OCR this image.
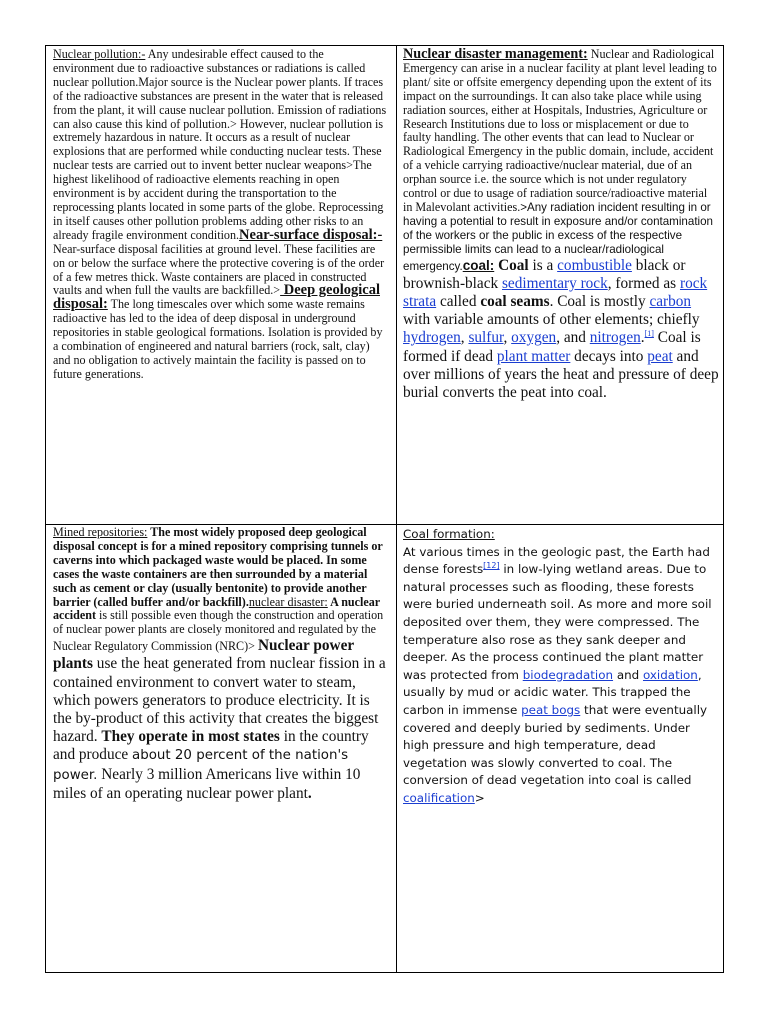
Nuclear pollution:- Any undesirable effect caused to the environment due to radioactive substances or radiations is called nuclear pollution.Major source is the Nuclear power plants. If traces of the radioactive substances are present in the water that is released from the plant, it will cause nuclear pollution. Emission of radiations can also cause this kind of pollution.> However, nuclear pollution is extremely hazardous in nature. It occurs as a result of nuclear explosions that are performed while conducting nuclear tests. These nuclear tests are carried out to invent better nuclear weapons>The highest likelihood of radioactive elements reaching in open environment is by accident during the transportation to the reprocessing plants located in some parts of the globe. Reprocessing in itself causes other pollution problems adding other risks to an already fragile environment condition.Near-surface disposal:-Near-surface disposal facilities at ground level. These facilities are on or below the surface where the protective covering is of the order of a few metres thick. Waste containers are placed in constructed vaults and when full the vaults are backfilled.> Deep geological disposal: The long timescales over which some waste remains radioactive has led to the idea of deep disposal in underground repositories in stable geological formations. Isolation is provided by a combination of engineered and natural barriers (rock, salt, clay) and no obligation to actively maintain the facility is passed on to future generations.

Nuclear disaster management: Nuclear and Radiological Emergency can arise in a nuclear facility at plant level leading to plant/ site or offsite emergency depending upon the extent of its impact on the surroundings. It can also take place while using radiation sources, either at Hospitals, Industries, Agriculture or Research Institutions due to loss or misplacement or due to faulty handling. The other events that can lead to Nuclear or Radiological Emergency in the public domain, include, accident of a vehicle carrying radioactive/nuclear material, due of an orphan source i.e. the source which is not under regulatory control or due to usage of radiation source/radioactive material in Malevolant activities.>Any radiation incident resulting in or having a potential to result in exposure and/or contamination of the workers or the public in excess of the respective permissible limits can lead to a nuclear/radiological emergency.coal: Coal is a combustible black or brownish-black sedimentary rock, formed as rock strata called coal seams. Coal is mostly carbon with variable amounts of other elements; chiefly hydrogen, sulfur, oxygen, and nitrogen.[1] Coal is formed if dead plant matter decays into peat and over millions of years the heat and pressure of deep burial converts the peat into coal.

Mined repositories: The most widely proposed deep geological disposal concept is for a mined repository comprising tunnels or caverns into which packaged waste would be placed. In some cases the waste containers are then surrounded by a material such as cement or clay (usually bentonite) to provide another barrier (called buffer and/or backfill).nuclear disaster: A nuclear accident is still possible even though the construction and operation of nuclear power plants are closely monitored and regulated by the Nuclear Regulatory Commission (NRC)> Nuclear power plants use the heat generated from nuclear fission in a contained environment to convert water to steam, which powers generators to produce electricity. It is the by-product of this activity that creates the biggest hazard. They operate in most states in the country and produce about 20 percent of the nation's power. Nearly 3 million Americans live within 10 miles of an operating nuclear power plant.

Coal formation:

At various times in the geologic past, the Earth had dense forests[12] in low-lying wetland areas. Due to natural processes such as flooding, these forests were buried underneath soil. As more and more soil deposited over them, they were compressed. The temperature also rose as they sank deeper and deeper. As the process continued the plant matter was protected from biodegradation and oxidation, usually by mud or acidic water. This trapped the carbon in immense peat bogs that were eventually covered and deeply buried by sediments. Under high pressure and high temperature, dead vegetation was slowly converted to coal. The conversion of dead vegetation into coal is called coalification>
